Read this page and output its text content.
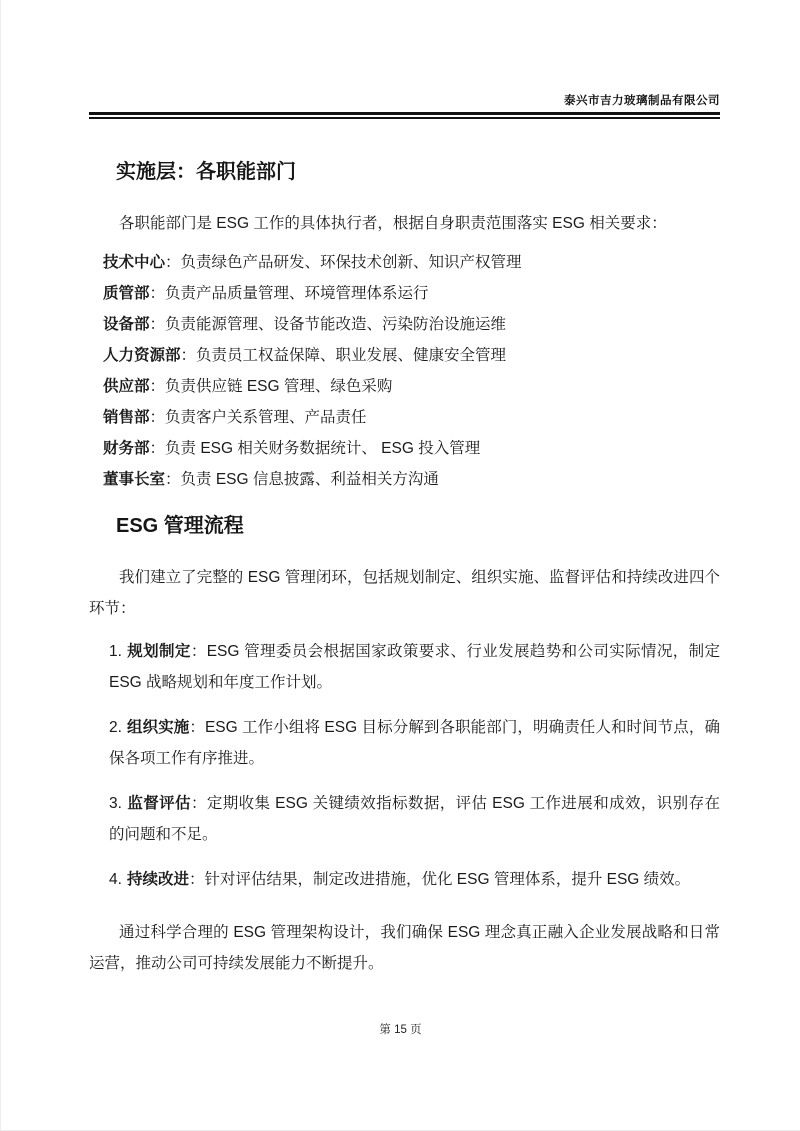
泰兴市吉力玻璃制品有限公司
实施层：各职能部门

各职能部门是 ESG 工作的具体执行者，根据自身职责范围落实 ESG 相关要求：

技术中心：负责绿色产品研发、环保技术创新、知识产权管理

质管部：负责产品质量管理、环境管理体系运行

设备部：负责能源管理、设备节能改造、污染防治设施运维

人力资源部：负责员工权益保障、职业发展、健康安全管理

供应部：负责供应链 ESG 管理、绿色采购

销售部：负责客户关系管理、产品责任

财务部：负责 ESG 相关财务数据统计、 ESG 投入管理

董事长室：负责 ESG 信息披露、利益相关方沟通

ESG 管理流程

我们建立了完整的 ESG 管理闭环，包括规划制定、组织实施、监督评估和持续改进四个环节：

1. 规划制定：ESG 管理委员会根据国家政策要求、行业发展趋势和公司实际情况，制定 ESG 战略规划和年度工作计划。

2. 组织实施：ESG 工作小组将 ESG 目标分解到各职能部门，明确责任人和时间节点，确保各项工作有序推进。

3. 监督评估：定期收集 ESG 关键绩效指标数据，评估 ESG 工作进展和成效，识别存在的问题和不足。

4. 持续改进：针对评估结果，制定改进措施，优化 ESG 管理体系，提升 ESG 绩效。

通过科学合理的 ESG 管理架构设计，我们确保 ESG 理念真正融入企业发展战略和日常运营，推动公司可持续发展能力不断提升。

第 15 页
